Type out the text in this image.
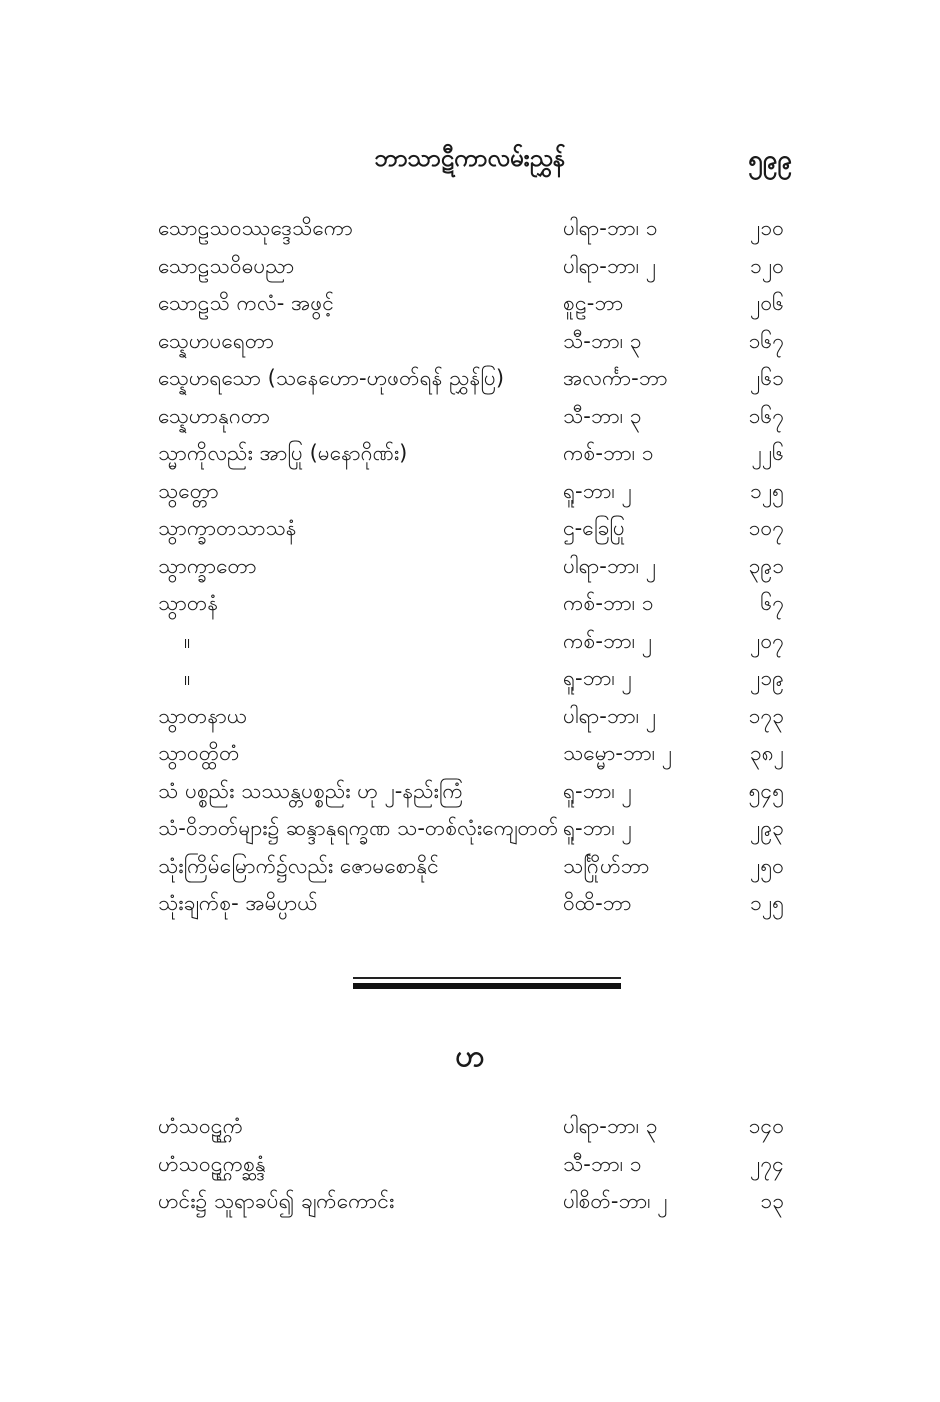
ဘာသာဋီကာလမ်းညွှန်	၅၉၉
သောဠသဝဿုဒ္ဒေသိကော	ပါရာ-ဘာ၊ ၁	၂၁၀
သောဠသဝိဓပညာ	ပါရာ-ဘာ၊ ၂	၁၂၀
သောဠသိ ကလံ- အဖွင့်	စူဠ-ဘာ	၂၀၆
သ္နေဟပရေတာ	သီ-ဘာ၊ ၃	၁၆၇
သ္နေဟရသော (သနေဟော-ဟုဖတ်ရန် ညွှန်ပြ)	အလင်္ကာ-ဘာ	၂၆၁
သ္နေဟာနုဂတာ	သီ-ဘာ၊ ၃	၁၆၇
သ္မာကိုလည်း အာပြု (မနောဂိုဏ်း)	ကစ်-ဘာ၊ ၁	၂၂၆
သွတ္တော	ရူ-ဘာ၊ ၂	၁၂၅
သွာက္ခာတသာသနံ	ဌ-ခြေပြု	၁၀၇
သွာက္ခာတော	ပါရာ-ဘာ၊ ၂	၃၉၁
သွာတနံ	ကစ်-ဘာ၊ ၁	၆၇
။	ကစ်-ဘာ၊ ၂	၂၀၇
။	ရူ-ဘာ၊ ၂	၂၁၉
သွာတနာယ	ပါရာ-ဘာ၊ ၂	၁၇၃
သွာဝတ္ထိတံ	သမ္မော-ဘာ၊ ၂	၃၈၂
သံ ပစ္စည်း သဿန္တပစ္စည်း ဟု ၂-နည်းကြံ	ရူ-ဘာ၊ ၂	၅၄၅
သံ-ဝိဘတ်များ၌ ဆန္ဒာနုရက္ခဏ သ-တစ်လုံးကျေတတ် ရူ-ဘာ၊ ၂	၂၉၃
သုံးကြိမ်မြောက်၌လည်း ဇောမစောနိုင်	သင်္ဂြိုဟ်ဘာ	၂၅၀
သုံးချက်စု- အမိပ္ပာယ်	ဝိထိ-ဘာ	၁၂၅
ဟ
ဟံသဝဠ္ဌကံ	ပါရာ-ဘာ၊ ၃	၁၄၀
ဟံသဝဠ္ဌကစ္ဆန္ဒံ	သီ-ဘာ၊ ၁	၂၇၄
ဟင်း၌ သူရာခပ်၍ ချက်ကောင်း	ပါစိတ်-ဘာ၊ ၂	၁၃
